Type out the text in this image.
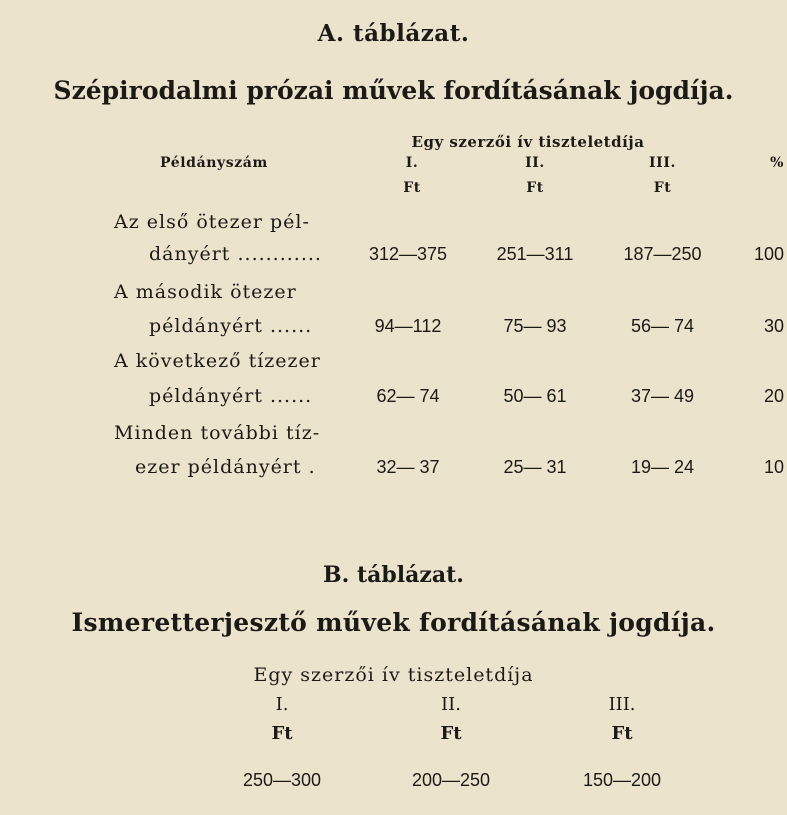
A. táblázat.
Szépirodalmi prózai művek fordításának jogdíja.
Egy szerzői ív tiszteletdíja
Példányszám	I.	II.	III.	%
Ft	Ft	Ft
Az első ötezer pél-
dányért ............	312—375	251—311	187—250	100
A második ötezer
példányért ......	94—112	75— 93	56— 74	30
A következő tízezer
példányért ......	62— 74	50— 61	37— 49	20
Minden további tíz-
ezer példányért .	32— 37	25— 31	19— 24	10
B. táblázat.
Ismeretterjesztő művek fordításának jogdíja.
Egy szerzői ív tiszteletdíja
I.	II.	III.
Ft	Ft	Ft
250—300	200—250	150—200
